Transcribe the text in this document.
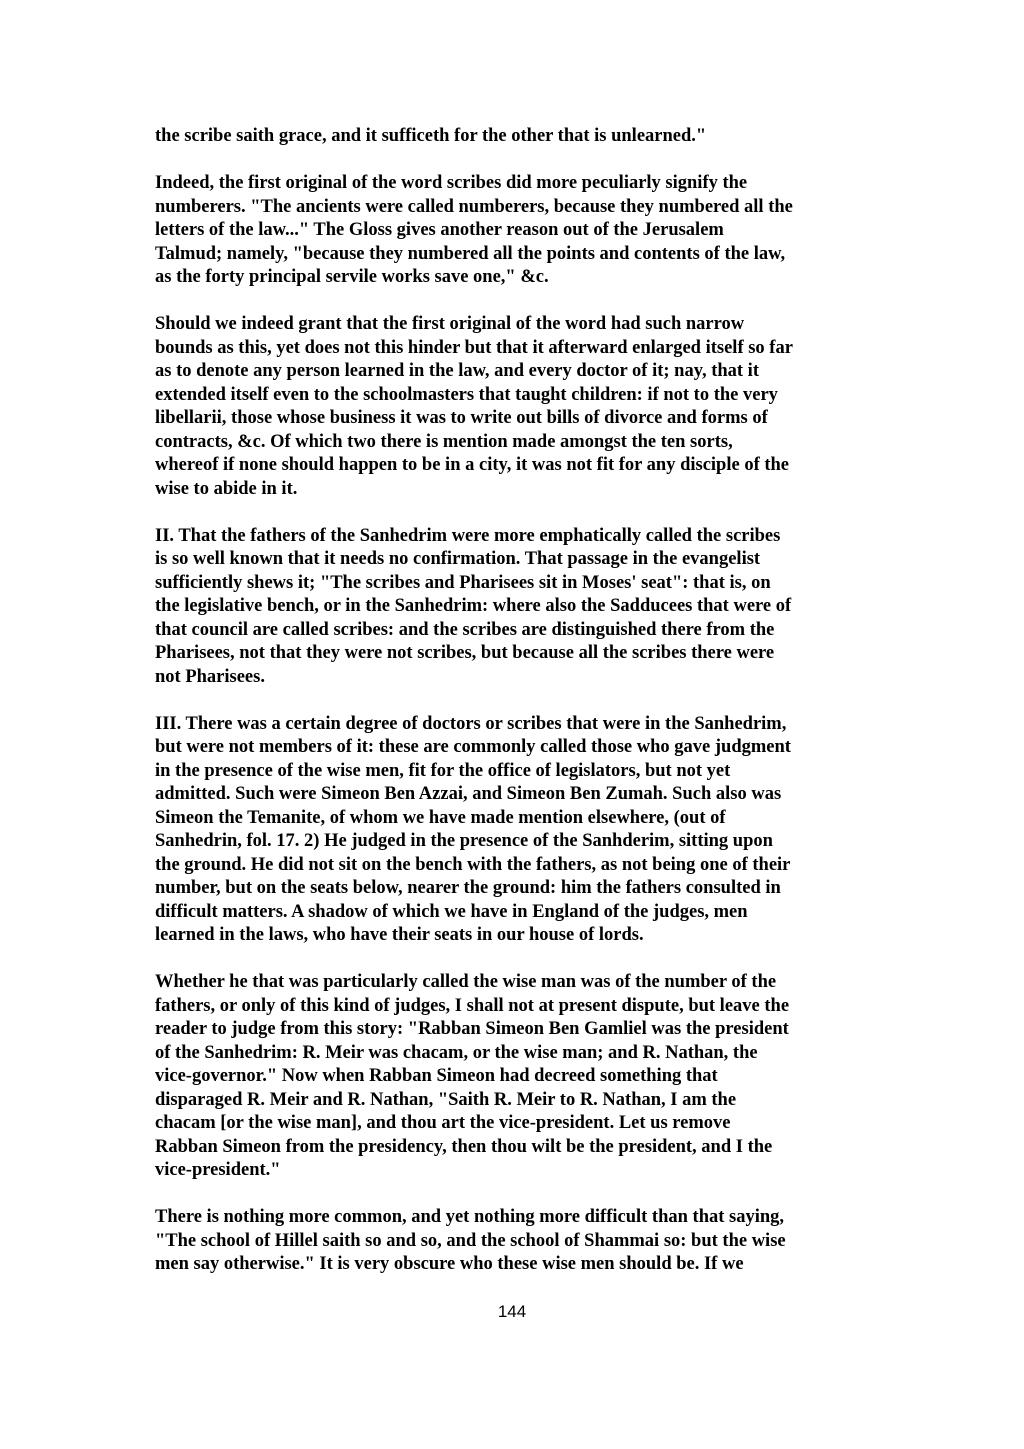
the scribe saith grace, and it sufficeth for the other that is unlearned."
Indeed, the first original of the word scribes did more peculiarly signify the
numberers. "The ancients were called numberers, because they numbered all the
letters of the law..." The Gloss gives another reason out of the Jerusalem
Talmud; namely, "because they numbered all the points and contents of the law,
as the forty principal servile works save one," &c.
Should we indeed grant that the first original of the word had such narrow
bounds as this, yet does not this hinder but that it afterward enlarged itself so far
as to denote any person learned in the law, and every doctor of it; nay, that it
extended itself even to the schoolmasters that taught children: if not to the very
libellarii, those whose business it was to write out bills of divorce and forms of
contracts, &c. Of which two there is mention made amongst the ten sorts,
whereof if none should happen to be in a city, it was not fit for any disciple of the
wise to abide in it.
II. That the fathers of the Sanhedrim were more emphatically called the scribes
is so well known that it needs no confirmation. That passage in the evangelist
sufficiently shews it; "The scribes and Pharisees sit in Moses' seat": that is, on
the legislative bench, or in the Sanhedrim: where also the Sadducees that were of
that council are called scribes: and the scribes are distinguished there from the
Pharisees, not that they were not scribes, but because all the scribes there were
not Pharisees.
III. There was a certain degree of doctors or scribes that were in the Sanhedrim,
but were not members of it: these are commonly called those who gave judgment
in the presence of the wise men, fit for the office of legislators, but not yet
admitted. Such were Simeon Ben Azzai, and Simeon Ben Zumah. Such also was
Simeon the Temanite, of whom we have made mention elsewhere, (out of
Sanhedrin, fol. 17. 2) He judged in the presence of the Sanhderim, sitting upon
the ground. He did not sit on the bench with the fathers, as not being one of their
number, but on the seats below, nearer the ground: him the fathers consulted in
difficult matters. A shadow of which we have in England of the judges, men
learned in the laws, who have their seats in our house of lords.
Whether he that was particularly called the wise man was of the number of the
fathers, or only of this kind of judges, I shall not at present dispute, but leave the
reader to judge from this story: "Rabban Simeon Ben Gamliel was the president
of the Sanhedrim: R. Meir was chacam, or the wise man; and R. Nathan, the
vice-governor." Now when Rabban Simeon had decreed something that
disparaged R. Meir and R. Nathan, "Saith R. Meir to R. Nathan, I am the
chacam [or the wise man], and thou art the vice-president. Let us remove
Rabban Simeon from the presidency, then thou wilt be the president, and I the
vice-president."
There is nothing more common, and yet nothing more difficult than that saying,
"The school of Hillel saith so and so, and the school of Shammai so: but the wise
men say otherwise." It is very obscure who these wise men should be. If we
144
